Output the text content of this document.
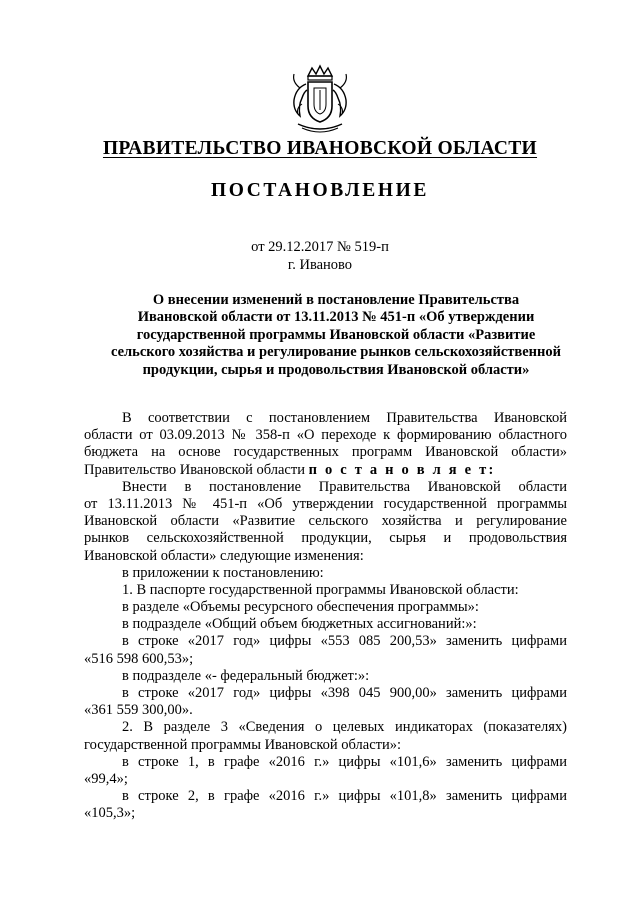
ПРАВИТЕЛЬСТВО ИВАНОВСКОЙ ОБЛАСТИ
ПОСТАНОВЛЕНИЕ
от 29.12.2017 № 519-п
г. Иваново
О внесении изменений в постановление Правительства
Ивановской области от 13.11.2013 № 451-п «Об утверждении
государственной программы Ивановской области «Развитие
сельского хозяйства и регулирование рынков сельскохозяйственной
продукции, сырья и продовольствия Ивановской области»
В соответствии с постановлением Правительства Ивановской
области от 03.09.2013 № 358-п «О переходе к формированию областного
бюджета на основе государственных программ Ивановской области»
Правительство Ивановской области п о с т а н о в л я е т:
Внести в постановление Правительства Ивановской области
от 13.11.2013 № 451-п «Об утверждении государственной программы
Ивановской области «Развитие сельского хозяйства и регулирование
рынков сельскохозяйственной продукции, сырья и продовольствия
Ивановской области» следующие изменения:
в приложении к постановлению:
1. В паспорте государственной программы Ивановской области:
в разделе «Объемы ресурсного обеспечения программы»:
в подразделе «Общий объем бюджетных ассигнований:»:
в строке «2017 год» цифры «553 085 200,53» заменить цифрами
«516 598 600,53»;
в подразделе «- федеральный бюджет:»:
в строке «2017 год» цифры «398 045 900,00» заменить цифрами
«361 559 300,00».
2. В разделе 3 «Сведения о целевых индикаторах (показателях)
государственной программы Ивановской области»:
в строке 1, в графе «2016 г.» цифры «101,6» заменить цифрами
«99,4»;
в строке 2, в графе «2016 г.» цифры «101,8» заменить цифрами
«105,3»;
